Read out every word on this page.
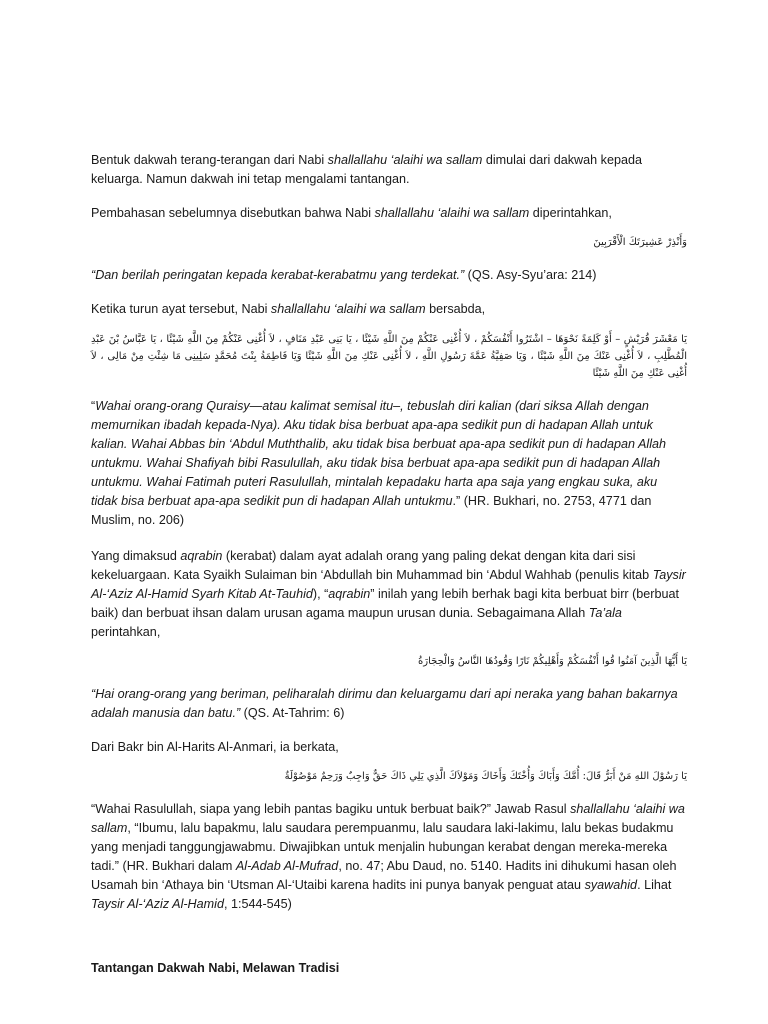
Bentuk dakwah terang-terangan dari Nabi shallallahu ‘alaihi wa sallam dimulai dari dakwah kepada keluarga. Namun dakwah ini tetap mengalami tantangan.

Pembahasan sebelumnya disebutkan bahwa Nabi shallallahu ‘alaihi wa sallam diperintahkan,

وَأَنْذِرْ عَشِيرَتَكَ الْأَقْرَبِينَ

“Dan berilah peringatan kepada kerabat-kerabatmu yang terdekat.” (QS. Asy-Syu’ara: 214)

Ketika turun ayat tersebut, Nabi shallallahu ‘alaihi wa sallam bersabda,

يَا مَعْشَرَ قُرَيْشٍ – أَوْ كَلِمَةً نَحْوَهَا – اشْتَرُوا أَنْفُسَكُمْ ، لاَ أُغْنِى عَنْكُمْ مِنَ اللَّهِ شَيْئًا ، يَا بَنِى عَبْدِ مَنَافٍ ، لاَ أُغْنِى عَنْكُمْ مِنَ اللَّهِ شَيْئًا ، يَا عَبَّاسُ بْنَ عَبْدِ الْمُطَّلِبِ ، لاَ أُغْنِى عَنْكَ مِنَ اللَّهِ شَيْئًا ، وَيَا صَفِيَّةُ عَمَّةَ رَسُولِ اللَّهِ ، لاَ أُغْنِى عَنْكِ مِنَ اللَّهِ شَيْئًا وَيَا فَاطِمَةُ بِنْتَ مُحَمَّدٍ سَلِينِى مَا شِئْتِ مِنْ مَالِى ، لاَ أُغْنِى عَنْكِ مِنَ اللَّهِ شَيْئًا

“Wahai orang-orang Quraisy—atau kalimat semisal itu–, tebuslah diri kalian (dari siksa Allah dengan memurnikan ibadah kepada-Nya). Aku tidak bisa berbuat apa-apa sedikit pun di hadapan Allah untuk kalian. Wahai Abbas bin ‘Abdul Muththalib, aku tidak bisa berbuat apa-apa sedikit pun di hadapan Allah untukmu. Wahai Shafiyah bibi Rasulullah, aku tidak bisa berbuat apa-apa sedikit pun di hadapan Allah untukmu. Wahai Fatimah puteri Rasulullah, mintalah kepadaku harta apa saja yang engkau suka, aku tidak bisa berbuat apa-apa sedikit pun di hadapan Allah untukmu.” (HR. Bukhari, no. 2753, 4771 dan Muslim, no. 206)

Yang dimaksud aqrabin (kerabat) dalam ayat adalah orang yang paling dekat dengan kita dari sisi kekeluargaan. Kata Syaikh Sulaiman bin ‘Abdullah bin Muhammad bin ‘Abdul Wahhab (penulis kitab Taysir Al-‘Aziz Al-Hamid Syarh Kitab At-Tauhid), “aqrabin” inilah yang lebih berhak bagi kita berbuat birr (berbuat baik) dan berbuat ihsan dalam urusan agama maupun urusan dunia. Sebagaimana Allah Ta’ala perintahkan,

يَا أَيُّهَا الَّذِينَ آمَنُوا قُوا أَنْفُسَكُمْ وَأَهْلِيكُمْ نَارًا وَقُودُهَا النَّاسُ وَالْحِجَارَةُ

“Hai orang-orang yang beriman, peliharalah dirimu dan keluargamu dari api neraka yang bahan bakarnya adalah manusia dan batu.” (QS. At-Tahrim: 6)

Dari Bakr bin Al-Harits Al-Anmari, ia berkata,

يَا رَسُوْلَ اللهِ مَنْ أَبَرُّ قَالَ: أُمَّكَ وَأَبَاكَ وَأُخْتَكَ وَأَخَاكَ وَمَوْلاَكَ الَّذِي يَلِي ذَاكَ حَقٌّ وَاجِبٌ وَرَحِمٌ مَوْصُوْلَةٌ

“Wahai Rasulullah, siapa yang lebih pantas bagiku untuk berbuat baik?” Jawab Rasul shallallahu ‘alaihi wa sallam, “Ibumu, lalu bapakmu, lalu saudara perempuanmu, lalu saudara laki-lakimu, lalu bekas budakmu yang menjadi tanggungjawabmu. Diwajibkan untuk menjalin hubungan kerabat dengan mereka-mereka tadi.” (HR. Bukhari dalam Al-Adab Al-Mufrad, no. 47; Abu Daud, no. 5140. Hadits ini dihukumi hasan oleh Usamah bin ‘Athaya bin ‘Utsman Al-‘Utaibi karena hadits ini punya banyak penguat atau syawahid. Lihat Taysir Al-‘Aziz Al-Hamid, 1:544-545)

Tantangan Dakwah Nabi, Melawan Tradisi
